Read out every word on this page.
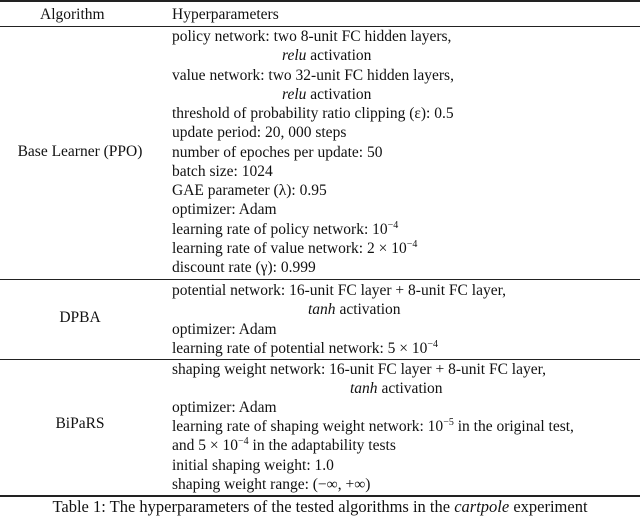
Algorithm	Hyperparameters
Base Learner (PPO)
policy network: two 8-unit FC hidden layers,
relu activation
value network: two 32-unit FC hidden layers,
relu activation
threshold of probability ratio clipping (ε): 0.5
update period: 20, 000 steps
number of epoches per update: 50
batch size: 1024
GAE parameter (λ): 0.95
optimizer: Adam
learning rate of policy network: $10^{-4}$
learning rate of value network: $2 \times 10^{-4}$
discount rate (γ): 0.999
DPBA
potential network: 16-unit FC layer + 8-unit FC layer,
tanh activation
optimizer: Adam
learning rate of potential network: $5 \times 10^{-4}$
BiPaRS
shaping weight network: 16-unit FC layer + 8-unit FC layer,
tanh activation
optimizer: Adam
learning rate of shaping weight network: $10^{-5}$ in the original test,
and $5 \times 10^{-4}$ in the adaptability tests
initial shaping weight: 1.0
shaping weight range: (−∞, +∞)
Table 1: The hyperparameters of the tested algorithms in the cartpole experiment
